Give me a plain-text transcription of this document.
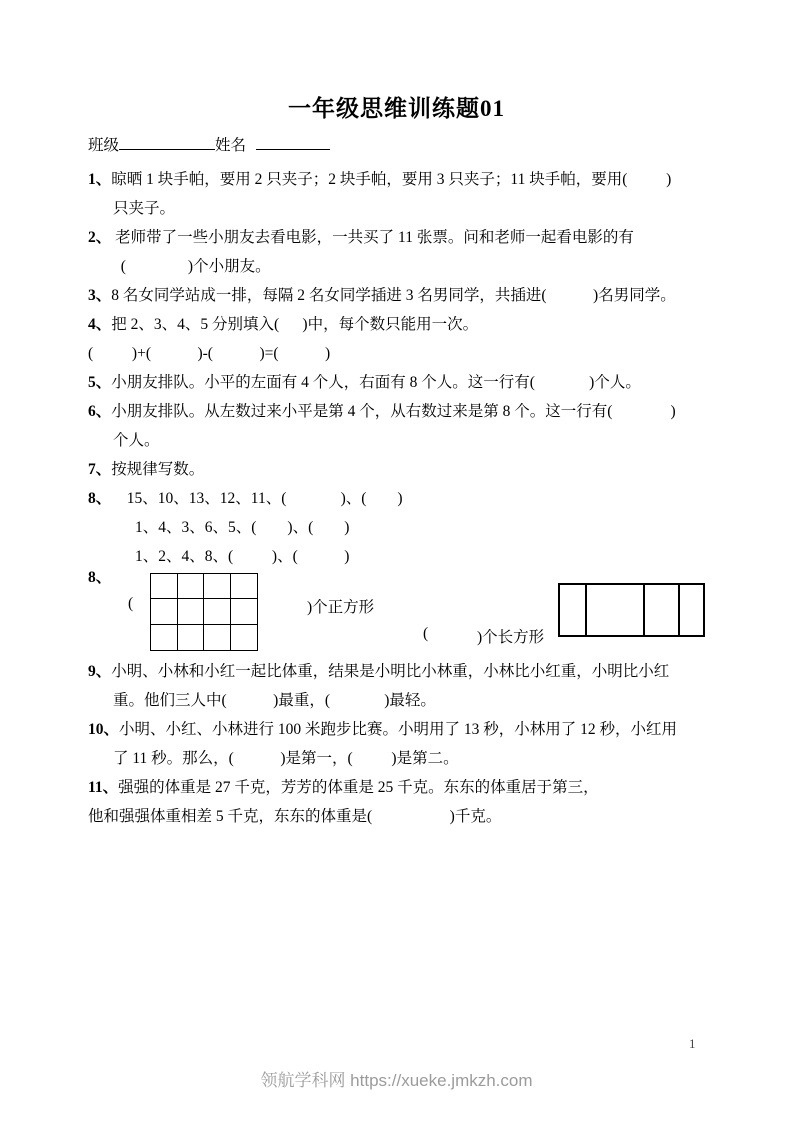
一年级思维训练题01
班级	姓名
1、晾晒 1 块手帕，要用 2 只夹子；2 块手帕，要用 3 只夹子；11 块手帕，要用(          )
只夹子。
2、 老师带了一些小朋友去看电影，一共买了 11 张票。问和老师一起看电影的有
(                )个小朋友。
3、8 名女同学站成一排，每隔 2 名女同学插进 3 名男同学，共插进(            )名男同学。
4、把 2、3、4、5 分别填入(      )中，每个数只能用一次。
(          )+(            )-(            )=(            )
5、小朋友排队。小平的左面有 4 个人，右面有 8 个人。这一行有(              )个人。
6、小朋友排队。从左数过来小平是第 4 个，从右数过来是第 8 个。这一行有(               )
个人。
7、按规律写数。
8、    15、10、13、12、11、(              )、(        )
1、4、3、6、5、(        )、(        )
1、2、4、8、(          )、(            )
8、
(	)个正方形
(	)个长方形
9、小明、小林和小红一起比体重，结果是小明比小林重，小林比小红重，小明比小红
重。他们三人中(            )最重，(              )最轻。
10、小明、小红、小林进行 100 米跑步比赛。小明用了 13 秒，小林用了 12 秒，小红用
了 11 秒。那么，(            )是第一，(          )是第二。
11、强强的体重是 27 千克，芳芳的体重是 25 千克。东东的体重居于第三，
他和强强体重相差 5 千克，东东的体重是(                    )千克。
1
领航学科网 https://xueke.jmkzh.com
